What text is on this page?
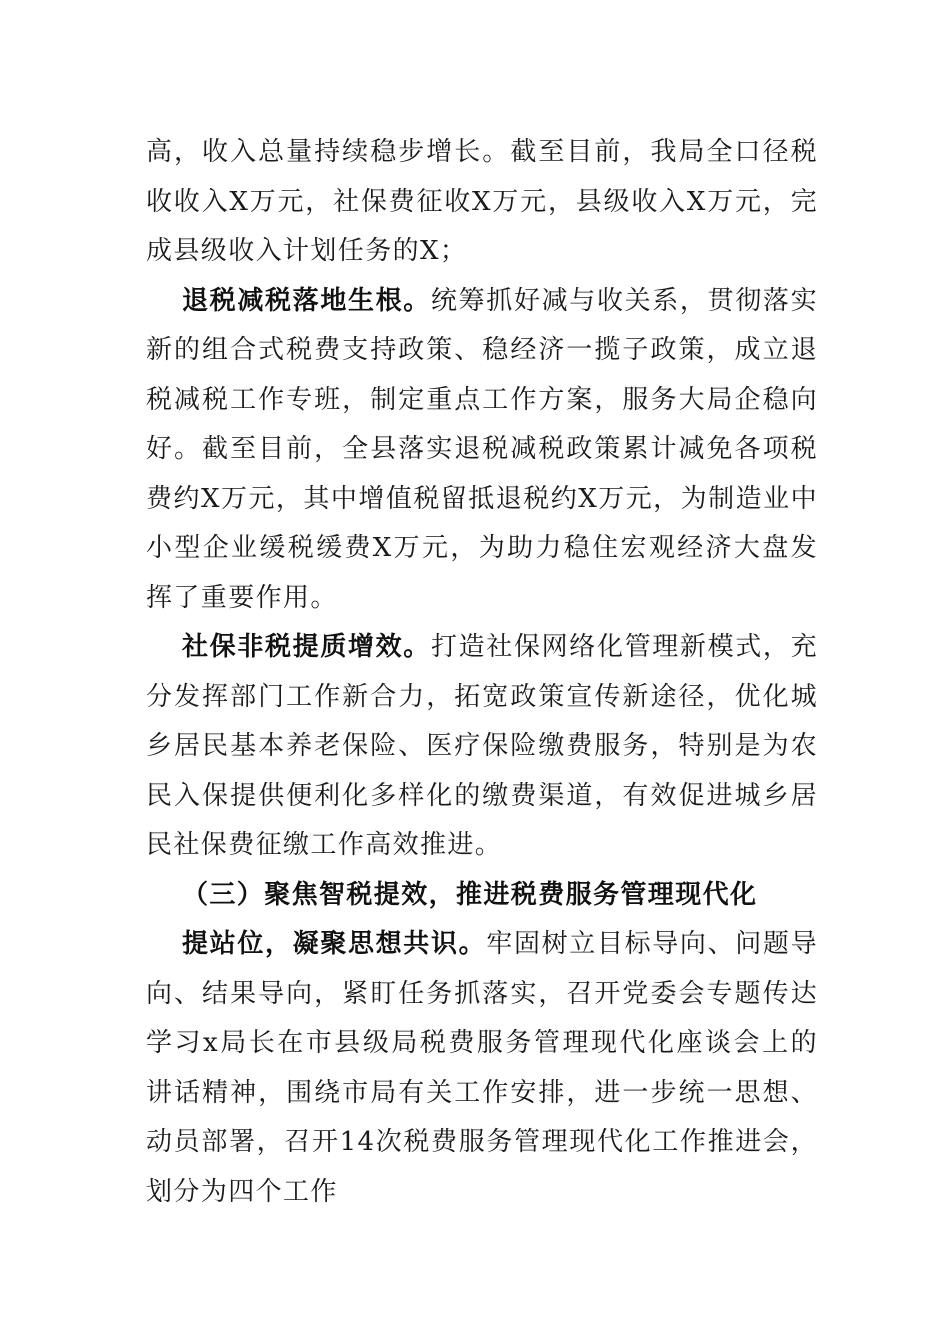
高，收入总量持续稳步增长。截至目前，我局全口径税收收入X万元，社保费征收X万元，县级收入X万元，完成县级收入计划任务的X；

退税减税落地生根。统筹抓好减与收关系，贯彻落实新的组合式税费支持政策、稳经济一揽子政策，成立退税减税工作专班，制定重点工作方案，服务大局企稳向好。截至目前，全县落实退税减税政策累计减免各项税费约X万元，其中增值税留抵退税约X万元，为制造业中小型企业缓税缓费X万元，为助力稳住宏观经济大盘发挥了重要作用。

社保非税提质增效。打造社保网络化管理新模式，充分发挥部门工作新合力，拓宽政策宣传新途径，优化城乡居民基本养老保险、医疗保险缴费服务，特别是为农民入保提供便利化多样化的缴费渠道，有效促进城乡居民社保费征缴工作高效推进。

（三）聚焦智税提效，推进税费服务管理现代化

提站位，凝聚思想共识。牢固树立目标导向、问题导向、结果导向，紧盯任务抓落实，召开党委会专题传达学习x局长在市县级局税费服务管理现代化座谈会上的讲话精神，围绕市局有关工作安排，进一步统一思想、动员部署，召开14次税费服务管理现代化工作推进会，划分为四个工作
